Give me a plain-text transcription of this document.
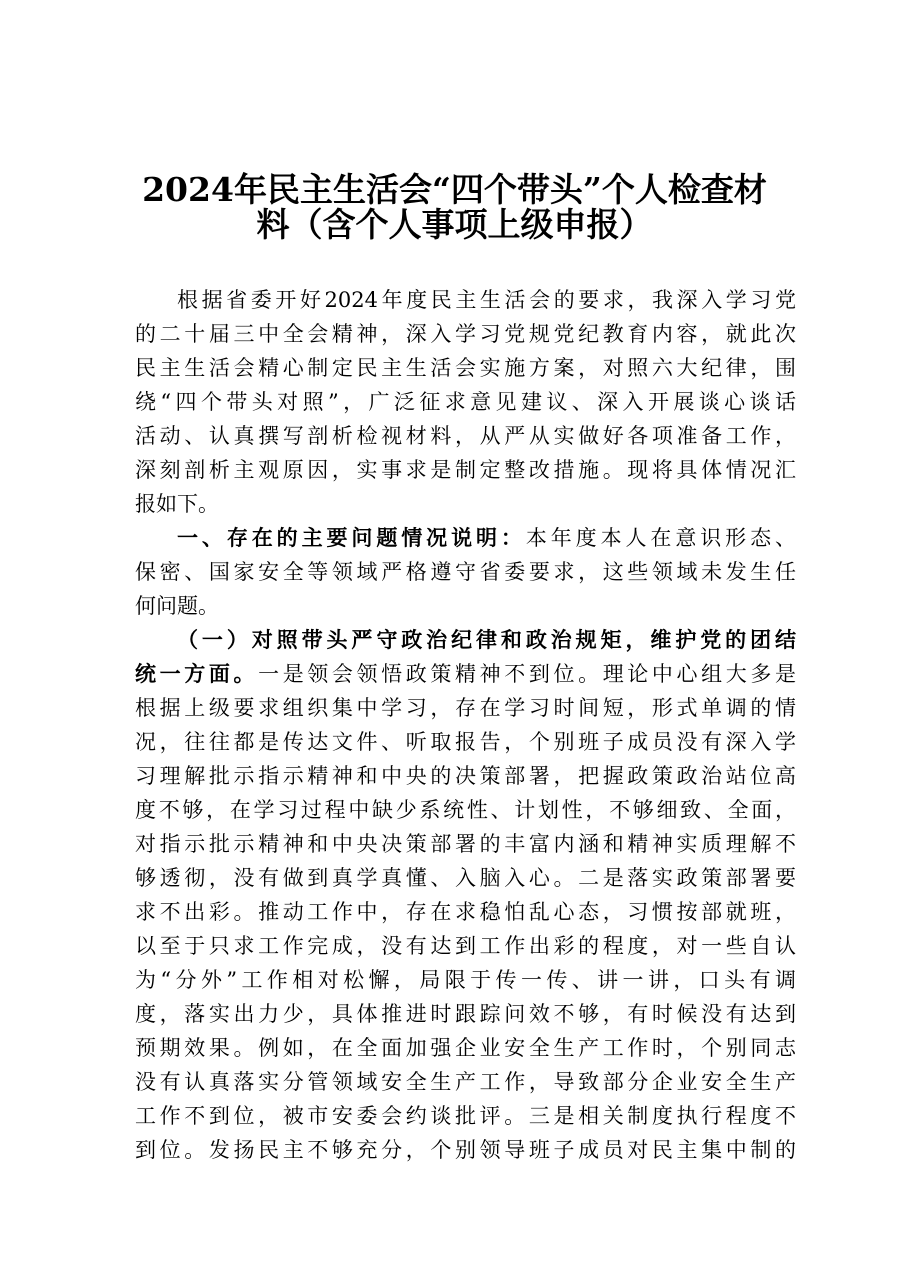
2024年民主生活会“四个带头”个人检查材
料（含个人事项上级申报）
根据省委开好2024年度民主生活会的要求，我深入学习党
的二十届三中全会精神，深入学习党规党纪教育内容，就此次
民主生活会精心制定民主生活会实施方案，对照六大纪律，围
绕“四个带头对照”，广泛征求意见建议、深入开展谈心谈话
活动、认真撰写剖析检视材料，从严从实做好各项准备工作，
深刻剖析主观原因，实事求是制定整改措施。现将具体情况汇
报如下。
一、存在的主要问题情况说明：本年度本人在意识形态、
保密、国家安全等领域严格遵守省委要求，这些领域未发生任
何问题。
（一）对照带头严守政治纪律和政治规矩，维护党的团结
统一方面。一是领会领悟政策精神不到位。理论中心组大多是
根据上级要求组织集中学习，存在学习时间短，形式单调的情
况，往往都是传达文件、听取报告，个别班子成员没有深入学
习理解批示指示精神和中央的决策部署，把握政策政治站位高
度不够，在学习过程中缺少系统性、计划性，不够细致、全面，
对指示批示精神和中央决策部署的丰富内涵和精神实质理解不
够透彻，没有做到真学真懂、入脑入心。二是落实政策部署要
求不出彩。推动工作中，存在求稳怕乱心态，习惯按部就班，
以至于只求工作完成，没有达到工作出彩的程度，对一些自认
为“分外”工作相对松懈，局限于传一传、讲一讲，口头有调
度，落实出力少，具体推进时跟踪问效不够，有时候没有达到
预期效果。例如，在全面加强企业安全生产工作时，个别同志
没有认真落实分管领域安全生产工作，导致部分企业安全生产
工作不到位，被市安委会约谈批评。三是相关制度执行程度不
到位。发扬民主不够充分，个别领导班子成员对民主集中制的
